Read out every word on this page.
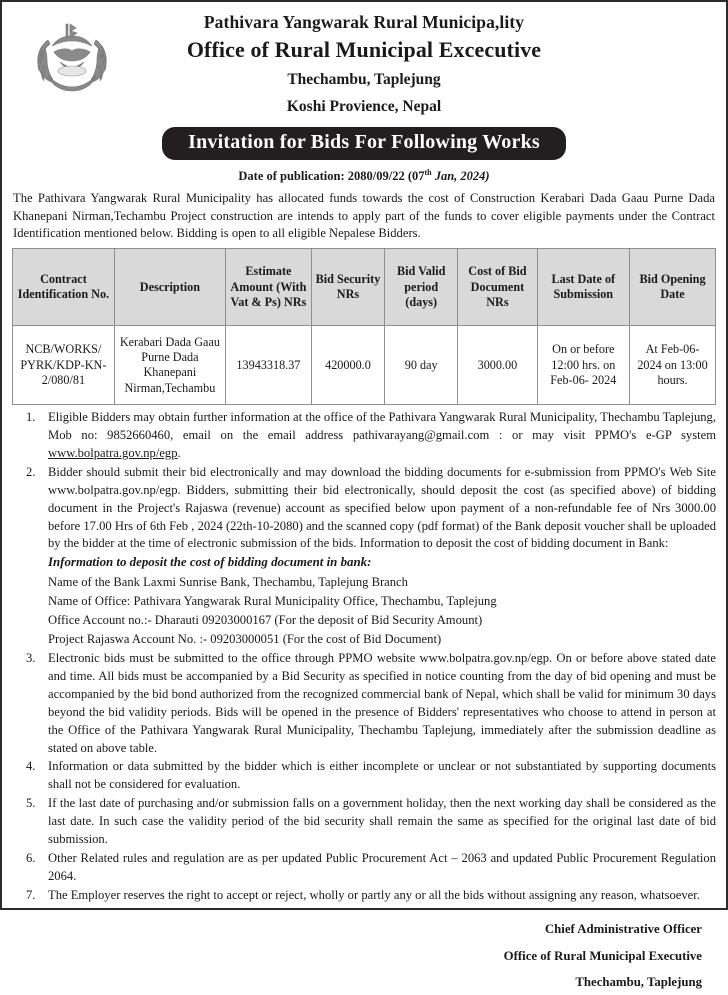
Pathivara Yangwarak Rural Municipa,lity
Office of Rural Municipal Excecutive
Thechambu, Taplejung
Koshi Provience, Nepal
Invitation for Bids For Following Works
Date of publication: 2080/09/22 (07th Jan, 2024)

The Pathivara Yangwarak Rural Municipality has allocated funds towards the cost of Construction Kerabari Dada Gaau Purne Dada Khanepani Nirman,Techambu Project construction are intends to apply part of the funds to cover eligible payments under the Contract Identification mentioned below. Bidding is open to all eligible Nepalese Bidders.

Contract Identification No.	Description	Estimate Amount (With Vat & Ps) NRs	Bid Security NRs	Bid Valid period (days)	Cost of Bid Document NRs	Last Date of Submission	Bid Opening Date
NCB/WORKS/ PYRK/KDP-KN-2/080/81	Kerabari Dada Gaau Purne Dada Khanepani Nirman,Techambu	13943318.37	420000.0	90 day	3000.00	On or before 12:00 hrs. on Feb-06- 2024	At Feb-06- 2024 on 13:00 hours.
1. Eligible Bidders may obtain further information at the office of the Pathivara Yangwarak Rural Municipality, Thechambu Taplejung, Mob no: 9852660460, email on the email address pathivarayang@gmail.com : or may visit PPMO's e-GP system www.bolpatra.gov.np/egp.
2. Bidder should submit their bid electronically and may download the bidding documents for e-submission from PPMO's Web Site www.bolpatra.gov.np/egp. Bidders, submitting their bid electronically, should deposit the cost (as specified above) of bidding document in the Project's Rajaswa (revenue) account as specified below upon payment of a non-refundable fee of Nrs 3000.00 before 17.00 Hrs of 6th Feb , 2024 (22th-10-2080) and the scanned copy (pdf format) of the Bank deposit voucher shall be uploaded by the bidder at the time of electronic submission of the bids. Information to deposit the cost of bidding document in Bank:
Information to deposit the cost of bidding document in bank:
Name of the Bank Laxmi Sunrise Bank, Thechambu, Taplejung Branch
Name of Office: Pathivara Yangwarak Rural Municipality Office, Thechambu, Taplejung
Office Account no.:- Dharauti 09203000167 (For the deposit of Bid Security Amount)
Project Rajaswa Account No. :- 09203000051 (For the cost of Bid Document)
3. Electronic bids must be submitted to the office through PPMO website www.bolpatra.gov.np/egp. On or before above stated date and time. All bids must be accompanied by a Bid Security as specified in notice counting from the day of bid opening and must be accompanied by the bid bond authorized from the recognized commercial bank of Nepal, which shall be valid for minimum 30 days beyond the bid validity periods. Bids will be opened in the presence of Bidders' representatives who choose to attend in person at the Office of the Pathivara Yangwarak Rural Municipality, Thechambu Taplejung, immediately after the submission deadline as stated on above table.
4. Information or data submitted by the bidder which is either incomplete or unclear or not substantiated by supporting documents shall not be considered for evaluation.
5. If the last date of purchasing and/or submission falls on a government holiday, then the next working day shall be considered as the last date. In such case the validity period of the bid security shall remain the same as specified for the original last date of bid submission.
6. Other Related rules and regulation are as per updated Public Procurement Act – 2063 and updated Public Procurement Regulation 2064.
7. The Employer reserves the right to accept or reject, wholly or partly any or all the bids without assigning any reason, whatsoever.
Chief Administrative Officer
Office of Rural Municipal Executive
Thechambu, Taplejung
